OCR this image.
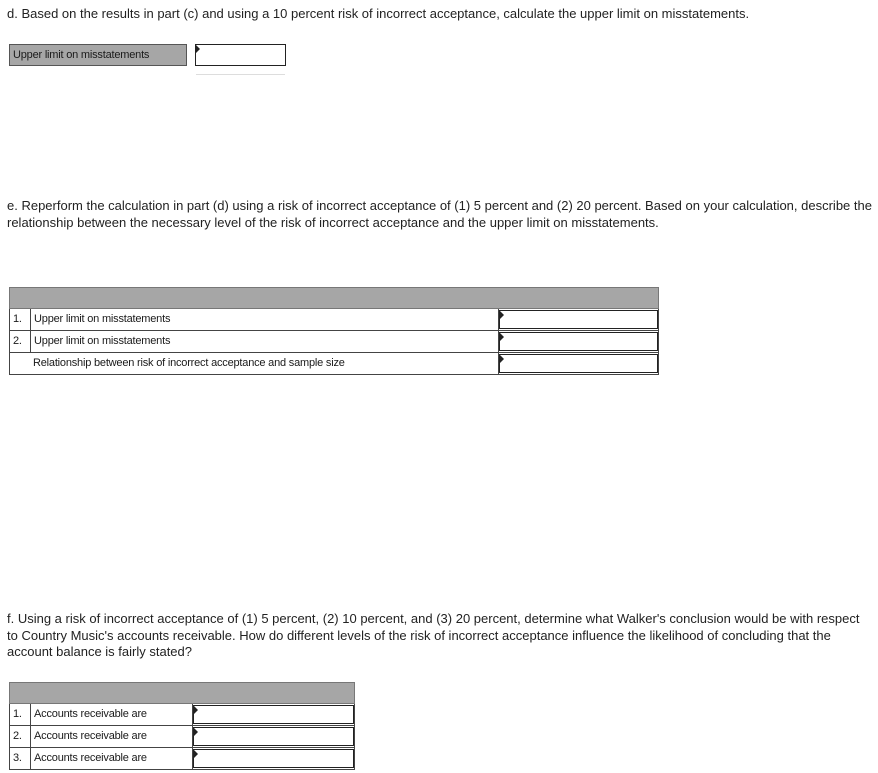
d. Based on the results in part (c) and using a 10 percent risk of incorrect acceptance, calculate the upper limit on misstatements.
Upper limit on misstatements
e. Reperform the calculation in part (d) using a risk of incorrect acceptance of (1) 5 percent and (2) 20 percent. Based on your calculation, describe the relationship between the necessary level of the risk of incorrect acceptance and the upper limit on misstatements.

1.	Upper limit on misstatements	

2.	Upper limit on misstatements	

Relationship between risk of incorrect acceptance and sample size		
f. Using a risk of incorrect acceptance of (1) 5 percent, (2) 10 percent, and (3) 20 percent, determine what Walker's conclusion would be with respect to Country Music's accounts receivable. How do different levels of the risk of incorrect acceptance influence the likelihood of concluding that the account balance is fairly stated?

1.	Accounts receivable are	

2.	Accounts receivable are	

3.	Accounts receivable are	
